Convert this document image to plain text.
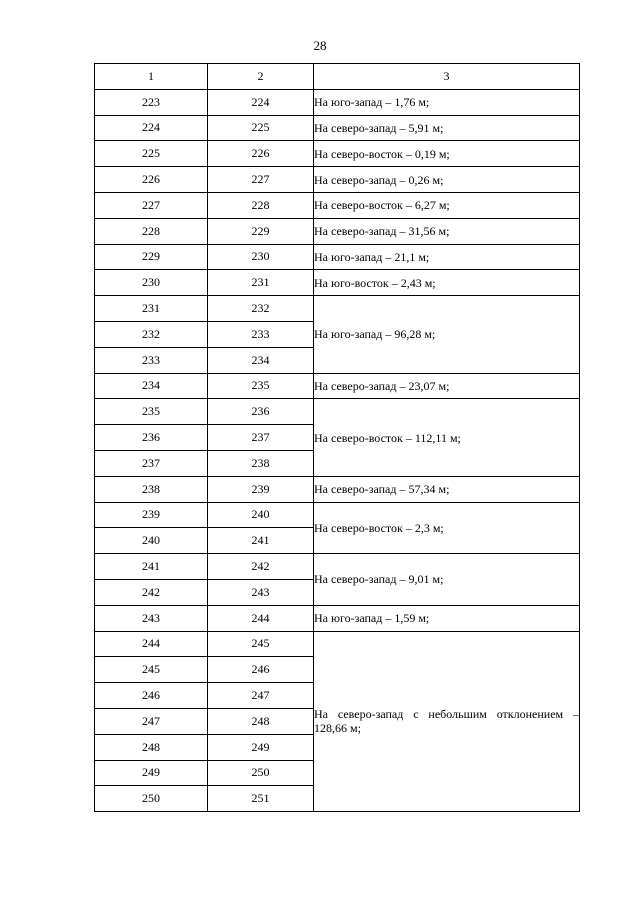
28
1	2	3
223	224	На юго-запад – 1,76 м;
224	225	На северо-запад – 5,91 м;
225	226	На северо-восток – 0,19 м;
226	227	На северо-запад – 0,26 м;
227	228	На северо-восток – 6,27 м;
228	229	На северо-запад – 31,56 м;
229	230	На юго-запад – 21,1 м;
230	231	На юго-восток – 2,43 м;
231	232	На юго-запад – 96,28 м;
232	233	
233	234	
234	235	На северо-запад – 23,07 м;
235	236	На северо-восток – 112,11 м;
236	237	
237	238	
238	239	На северо-запад – 57,34 м;
239	240	На северо-восток – 2,3 м;
240	241	
241	242	На северо-запад – 9,01 м;
242	243	
243	244	На юго-запад – 1,59 м;
244	245	На северо-запад с небольшим отклонением – 128,66 м;
245	246	
246	247	
247	248	
248	249	
249	250	
250	251	
